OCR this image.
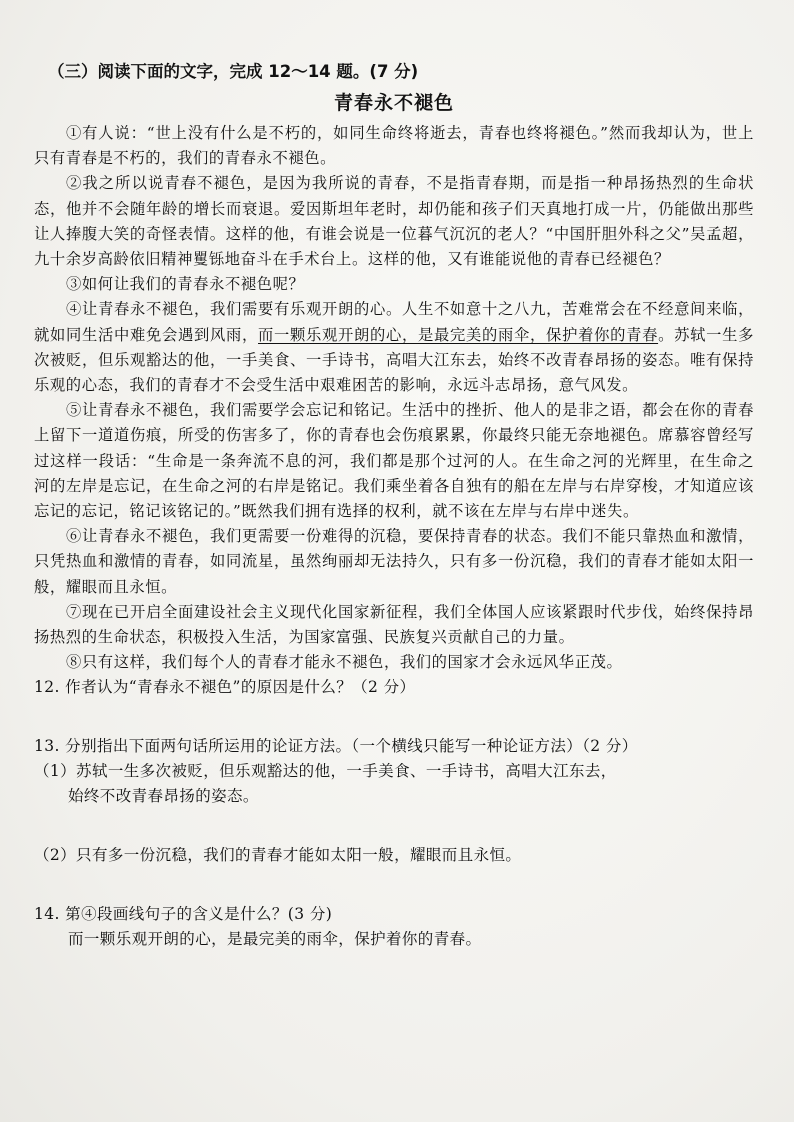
（三）阅读下面的文字，完成 12～14 题。(7 分)
青春永不褪色

①有人说：“世上没有什么是不朽的，如同生命终将逝去，青春也终将褪色。”然而我却认为，世上只有青春是不朽的，我们的青春永不褪色。

②我之所以说青春不褪色，是因为我所说的青春，不是指青春期，而是指一种昂扬热烈的生命状态，他并不会随年龄的增长而衰退。爱因斯坦年老时，却仍能和孩子们天真地打成一片，仍能做出那些让人捧腹大笑的奇怪表情。这样的他，有谁会说是一位暮气沉沉的老人？“中国肝胆外科之父”吴孟超，九十余岁高龄依旧精神矍铄地奋斗在手术台上。这样的他，又有谁能说他的青春已经褪色？

③如何让我们的青春永不褪色呢？

④让青春永不褪色，我们需要有乐观开朗的心。人生不如意十之八九，苦难常会在不经意间来临，就如同生活中难免会遇到风雨，而一颗乐观开朗的心，是最完美的雨伞，保护着你的青春。苏轼一生多次被贬，但乐观豁达的他，一手美食、一手诗书，高唱大江东去，始终不改青春昂扬的姿态。唯有保持乐观的心态，我们的青春才不会受生活中艰难困苦的影响，永远斗志昂扬，意气风发。

⑤让青春永不褪色，我们需要学会忘记和铭记。生活中的挫折、他人的是非之语，都会在你的青春上留下一道道伤痕，所受的伤害多了，你的青春也会伤痕累累，你最终只能无奈地褪色。席慕容曾经写过这样一段话：“生命是一条奔流不息的河，我们都是那个过河的人。在生命之河的光辉里，在生命之河的左岸是忘记，在生命之河的右岸是铭记。我们乘坐着各自独有的船在左岸与右岸穿梭，才知道应该忘记的忘记，铭记该铭记的。”既然我们拥有选择的权利，就不该在左岸与右岸中迷失。

⑥让青春永不褪色，我们更需要一份难得的沉稳，要保持青春的状态。我们不能只靠热血和激情，只凭热血和激情的青春，如同流星，虽然绚丽却无法持久，只有多一份沉稳，我们的青春才能如太阳一般，耀眼而且永恒。

⑦现在已开启全面建设社会主义现代化国家新征程，我们全体国人应该紧跟时代步伐，始终保持昂扬热烈的生命状态，积极投入生活，为国家富强、民族复兴贡献自己的力量。

⑧只有这样，我们每个人的青春才能永不褪色，我们的国家才会永远风华正茂。

12. 作者认为“青春永不褪色”的原因是什么？（2 分）

13. 分别指出下面两句话所运用的论证方法。（一个横线只能写一种论证方法）（2 分）

（1）苏轼一生多次被贬，但乐观豁达的他，一手美食、一手诗书，高唱大江东去，

始终不改青春昂扬的姿态。

（2）只有多一份沉稳，我们的青春才能如太阳一般，耀眼而且永恒。

14. 第④段画线句子的含义是什么？(3 分)

而一颗乐观开朗的心，是最完美的雨伞，保护着你的青春。
